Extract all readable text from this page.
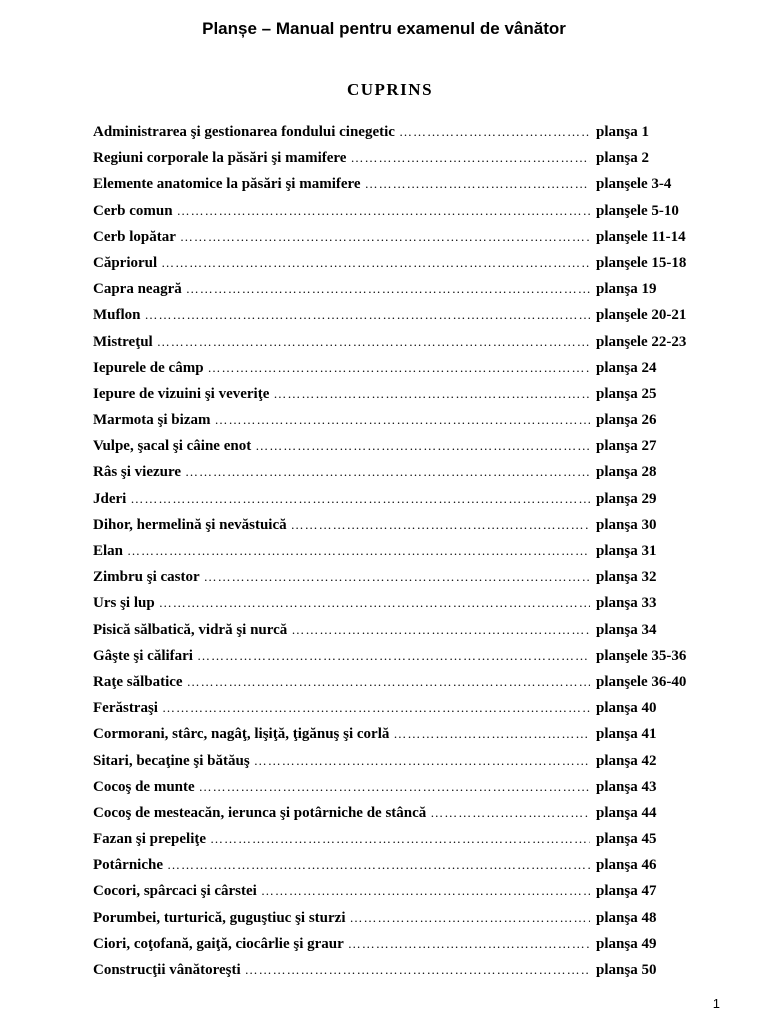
Planșe – Manual pentru examenul de vânător
CUPRINS
Administrarea şi gestionarea fondului cinegetic …………………………………………………………………………………………………………………………………………………………………………	planşa 1
Regiuni corporale la păsări şi mamifere …………………………………………………………………………………………………………………………………………………………………………	planşa 2
Elemente anatomice la păsări şi mamifere …………………………………………………………………………………………………………………………………………………………………………	planşele 3-4
Cerb comun …………………………………………………………………………………………………………………………………………………………………………	planşele 5-10
Cerb lopătar …………………………………………………………………………………………………………………………………………………………………………	planşele 11-14
Căpriorul …………………………………………………………………………………………………………………………………………………………………………	planşele 15-18
Capra neagră …………………………………………………………………………………………………………………………………………………………………………	planşa 19
Muflon …………………………………………………………………………………………………………………………………………………………………………	planşele 20-21
Mistreţul …………………………………………………………………………………………………………………………………………………………………………	planşele 22-23
Iepurele de câmp …………………………………………………………………………………………………………………………………………………………………………	planşa 24
Iepure de vizuini şi veveriţe …………………………………………………………………………………………………………………………………………………………………………	planşa 25
Marmota şi bizam …………………………………………………………………………………………………………………………………………………………………………	planşa 26
Vulpe, şacal şi câine enot …………………………………………………………………………………………………………………………………………………………………………	planşa 27
Râs şi viezure …………………………………………………………………………………………………………………………………………………………………………	planşa 28
Jderi …………………………………………………………………………………………………………………………………………………………………………	planşa 29
Dihor, hermelină şi nevăstuică …………………………………………………………………………………………………………………………………………………………………………	planşa 30
Elan …………………………………………………………………………………………………………………………………………………………………………	planşa 31
Zimbru şi castor …………………………………………………………………………………………………………………………………………………………………………	planşa 32
Urs şi lup …………………………………………………………………………………………………………………………………………………………………………	planşa 33
Pisică sălbatică, vidră şi nurcă …………………………………………………………………………………………………………………………………………………………………………	planşa 34
Gâşte şi călifari …………………………………………………………………………………………………………………………………………………………………………	planşele 35-36
Raţe sălbatice …………………………………………………………………………………………………………………………………………………………………………	planşele 36-40
Ferăstraşi …………………………………………………………………………………………………………………………………………………………………………	planşa 40
Cormorani, stârc, nagâţ, lişiţă, ţigănuş şi corlă …………………………………………………………………………………………………………………………………………………………………………	planşa 41
Sitari, becaţine şi bătăuş …………………………………………………………………………………………………………………………………………………………………………	planşa 42
Cocoş de munte …………………………………………………………………………………………………………………………………………………………………………	planşa 43
Cocoş de mesteacăn, ierunca şi potârniche de stâncă …………………………………………………………………………………………………………………………………………………………………………	planşa 44
Fazan şi prepeliţe …………………………………………………………………………………………………………………………………………………………………………	planşa 45
Potârniche …………………………………………………………………………………………………………………………………………………………………………	planşa 46
Cocori, spârcaci şi cârstei …………………………………………………………………………………………………………………………………………………………………………	planşa 47
Porumbei, turturică, guguştiuc şi sturzi …………………………………………………………………………………………………………………………………………………………………………	planşa 48
Ciori, coţofană, gaiţă, ciocârlie şi graur …………………………………………………………………………………………………………………………………………………………………………	planşa 49
Construcţii vânătoreşti …………………………………………………………………………………………………………………………………………………………………………	planşa 50
1
